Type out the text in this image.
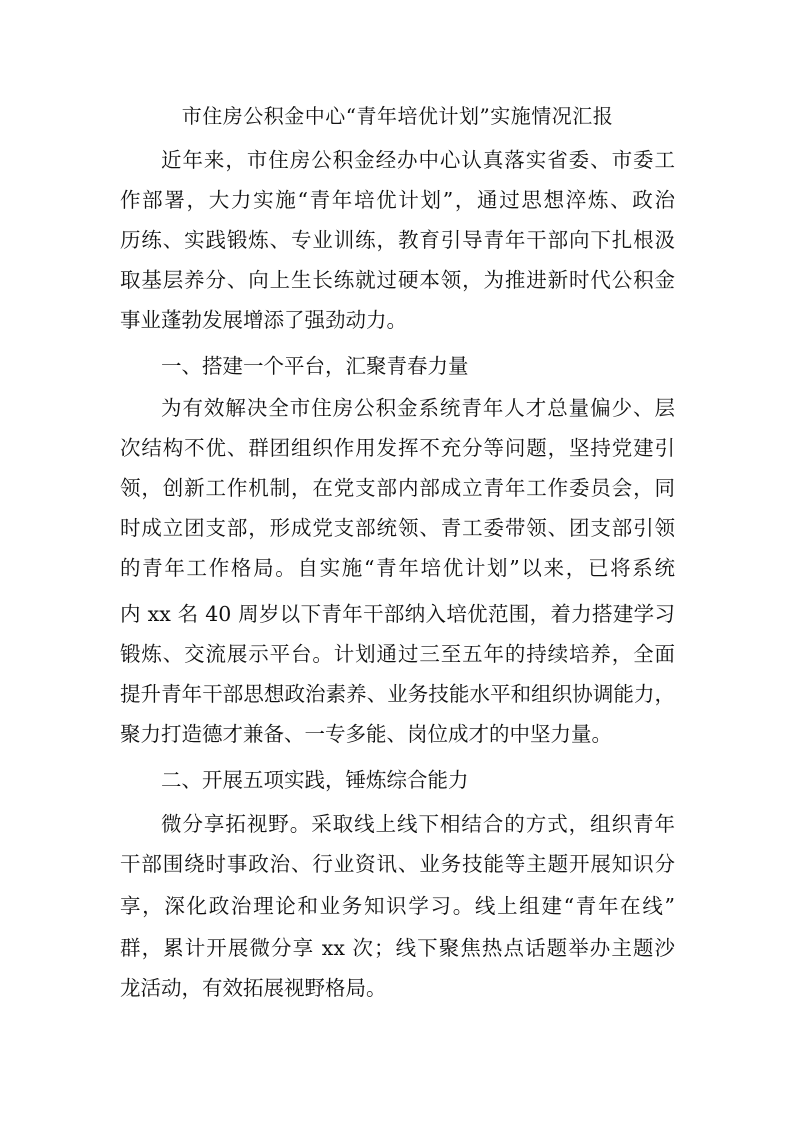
市住房公积金中心“青年培优计划”实施情况汇报

近年来，市住房公积金经办中心认真落实省委、市委工

作部署，大力实施“青年培优计划”，通过思想淬炼、政治

历练、实践锻炼、专业训练，教育引导青年干部向下扎根汲

取基层养分、向上生长练就过硬本领，为推进新时代公积金

事业蓬勃发展增添了强劲动力。

一、搭建一个平台，汇聚青春力量

为有效解决全市住房公积金系统青年人才总量偏少、层

次结构不优、群团组织作用发挥不充分等问题，坚持党建引

领，创新工作机制，在党支部内部成立青年工作委员会，同

时成立团支部，形成党支部统领、青工委带领、团支部引领

的青年工作格局。自实施“青年培优计划”以来，已将系统

内 xx 名 40 周岁以下青年干部纳入培优范围，着力搭建学习

锻炼、交流展示平台。计划通过三至五年的持续培养，全面

提升青年干部思想政治素养、业务技能水平和组织协调能力，

聚力打造德才兼备、一专多能、岗位成才的中坚力量。

二、开展五项实践，锤炼综合能力

微分享拓视野。采取线上线下相结合的方式，组织青年

干部围绕时事政治、行业资讯、业务技能等主题开展知识分

享，深化政治理论和业务知识学习。线上组建“青年在线”

群，累计开展微分享 xx 次；线下聚焦热点话题举办主题沙

龙活动，有效拓展视野格局。
